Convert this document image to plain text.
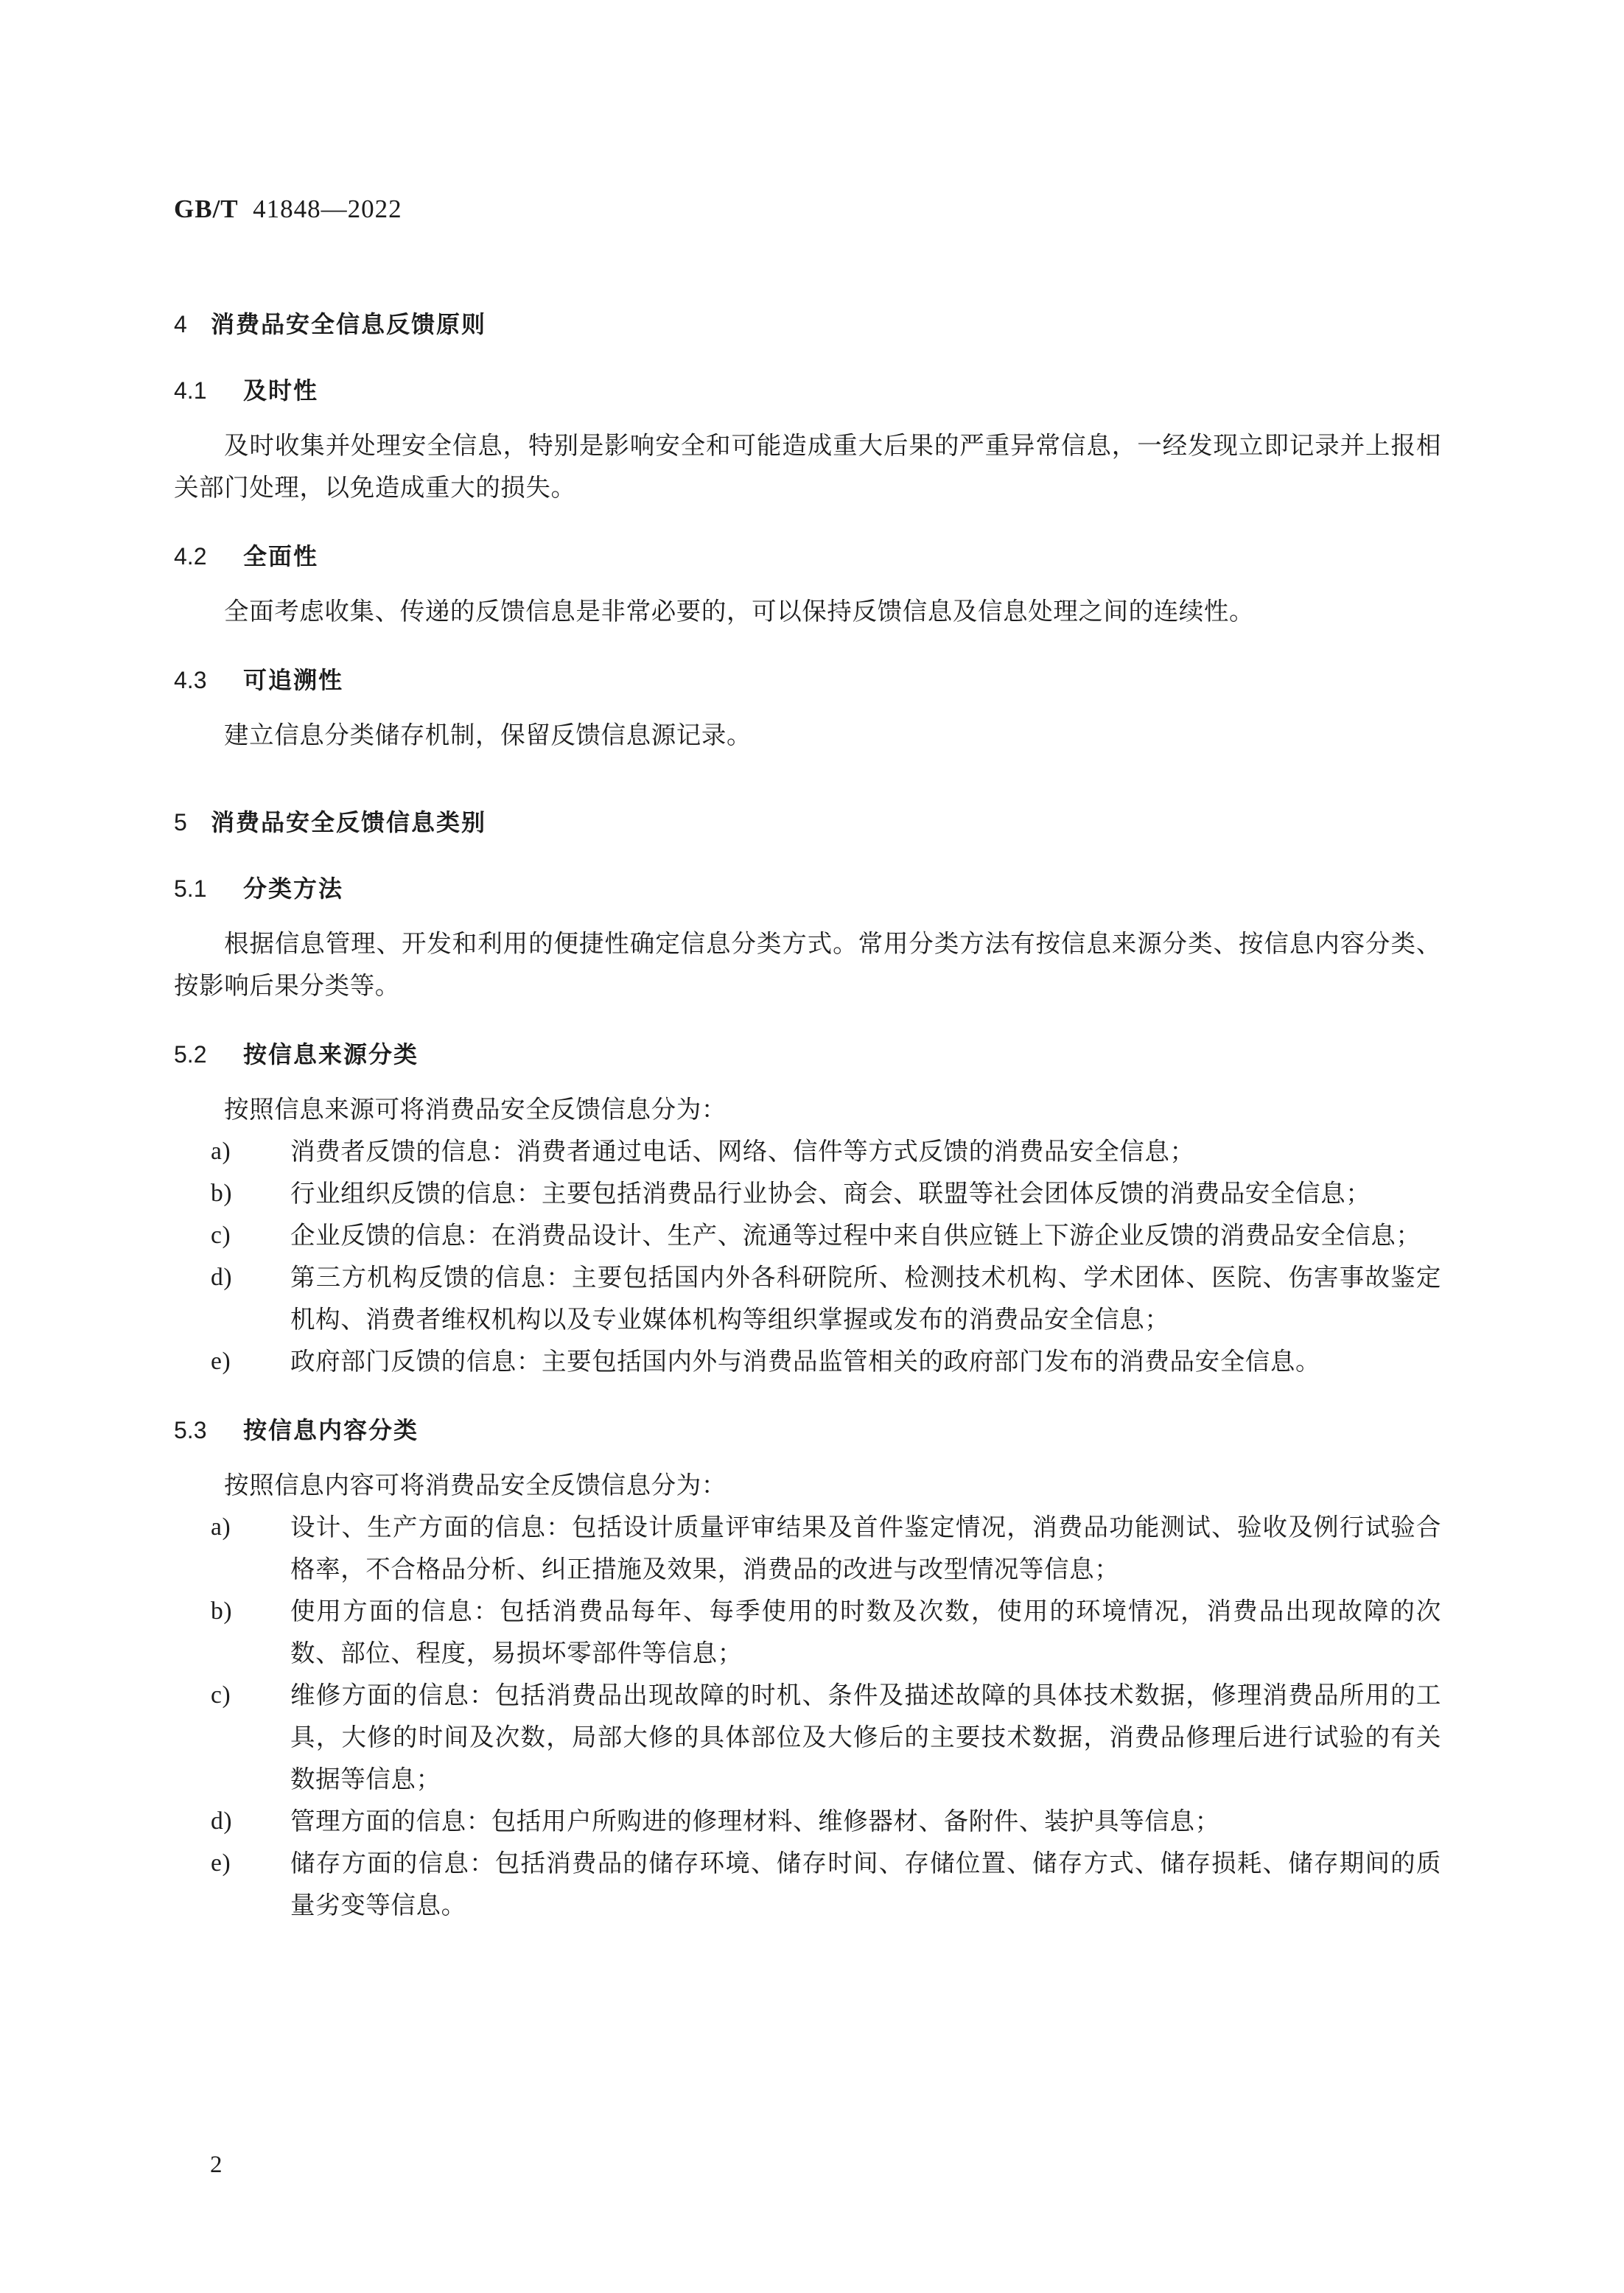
GB/T 41848—2022

4 消费品安全信息反馈原则
4.1 及时性

及时收集并处理安全信息，特别是影响安全和可能造成重大后果的严重异常信息，一经发现立即记录并上报相关部门处理，以免造成重大的损失。

4.2 全面性

全面考虑收集、传递的反馈信息是非常必要的，可以保持反馈信息及信息处理之间的连续性。

4.3 可追溯性

建立信息分类储存机制，保留反馈信息源记录。

5 消费品安全反馈信息类别
5.1 分类方法

根据信息管理、开发和利用的便捷性确定信息分类方式。常用分类方法有按信息来源分类、按信息内容分类、按影响后果分类等。

5.2 按信息来源分类

按照信息来源可将消费品安全反馈信息分为：

a) 消费者反馈的信息：消费者通过电话、网络、信件等方式反馈的消费品安全信息；
b) 行业组织反馈的信息：主要包括消费品行业协会、商会、联盟等社会团体反馈的消费品安全信息；
c) 企业反馈的信息：在消费品设计、生产、流通等过程中来自供应链上下游企业反馈的消费品安全信息；
d) 第三方机构反馈的信息：主要包括国内外各科研院所、检测技术机构、学术团体、医院、伤害事故鉴定机构、消费者维权机构以及专业媒体机构等组织掌握或发布的消费品安全信息；
e) 政府部门反馈的信息：主要包括国内外与消费品监管相关的政府部门发布的消费品安全信息。
5.3 按信息内容分类

按照信息内容可将消费品安全反馈信息分为：

a) 设计、生产方面的信息：包括设计质量评审结果及首件鉴定情况，消费品功能测试、验收及例行试验合格率，不合格品分析、纠正措施及效果，消费品的改进与改型情况等信息；
b) 使用方面的信息：包括消费品每年、每季使用的时数及次数，使用的环境情况，消费品出现故障的次数、部位、程度，易损坏零部件等信息；
c) 维修方面的信息：包括消费品出现故障的时机、条件及描述故障的具体技术数据，修理消费品所用的工具，大修的时间及次数，局部大修的具体部位及大修后的主要技术数据，消费品修理后进行试验的有关数据等信息；
d) 管理方面的信息：包括用户所购进的修理材料、维修器材、备附件、装护具等信息；
e) 储存方面的信息：包括消费品的储存环境、储存时间、存储位置、储存方式、储存损耗、储存期间的质量劣变等信息。

2
